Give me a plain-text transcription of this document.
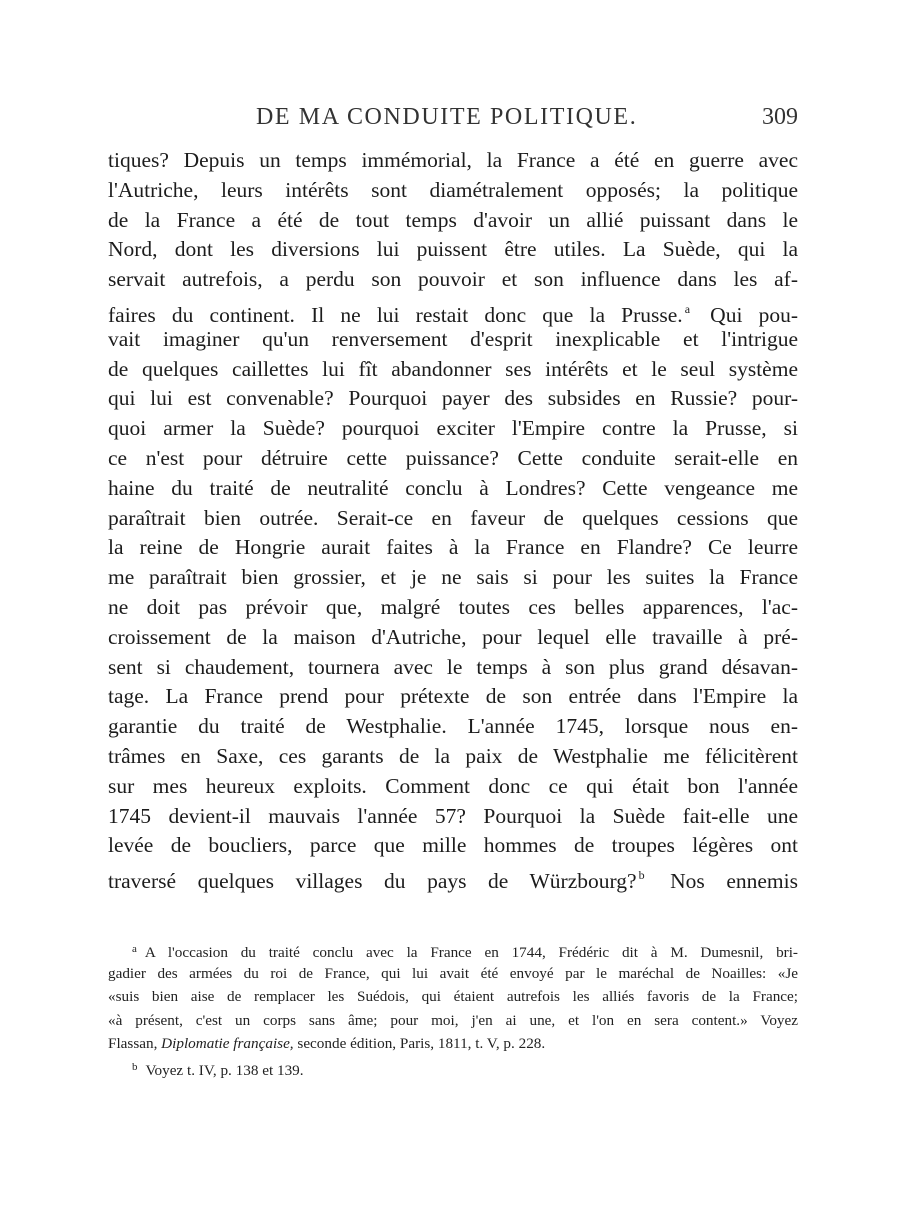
DE MA CONDUITE POLITIQUE.	309
tiques? Depuis un temps immémorial, la France a été en guerre avec
l'Autriche, leurs intérêts sont diamétralement opposés; la politique
de la France a été de tout temps d'avoir un allié puissant dans le
Nord, dont les diversions lui puissent être utiles. La Suède, qui la
servait autrefois, a perdu son pouvoir et son influence dans les af-
faires du continent. Il ne lui restait donc que la Prusse. $^a$ Qui pou-
vait imaginer qu'un renversement d'esprit inexplicable et l'intrigue
de quelques caillettes lui fît abandonner ses intérêts et le seul système
qui lui est convenable? Pourquoi payer des subsides en Russie? pour-
quoi armer la Suède? pourquoi exciter l'Empire contre la Prusse, si
ce n'est pour détruire cette puissance? Cette conduite serait-elle en
haine du traité de neutralité conclu à Londres? Cette vengeance me
paraîtrait bien outrée. Serait-ce en faveur de quelques cessions que
la reine de Hongrie aurait faites à la France en Flandre? Ce leurre
me paraîtrait bien grossier, et je ne sais si pour les suites la France
ne doit pas prévoir que, malgré toutes ces belles apparences, l'ac-
croissement de la maison d'Autriche, pour lequel elle travaille à pré-
sent si chaudement, tournera avec le temps à son plus grand désavan-
tage. La France prend pour prétexte de son entrée dans l'Empire la
garantie du traité de Westphalie. L'année 1745, lorsque nous en-
trâmes en Saxe, ces garants de la paix de Westphalie me félicitèrent
sur mes heureux exploits. Comment donc ce qui était bon l'année
1745 devient-il mauvais l'année 57? Pourquoi la Suède fait-elle une
levée de boucliers, parce que mille hommes de troupes légères ont
traversé quelques villages du pays de Würzbourg? $^b$ Nos ennemis
$^a$ A l'occasion du traité conclu avec la France en 1744, Frédéric dit à M. Dumesnil, bri-
gadier des armées du roi de France, qui lui avait été envoyé par le maréchal de Noailles: «Je
«suis bien aise de remplacer les Suédois, qui étaient autrefois les alliés favoris de la France;
«à présent, c'est un corps sans âme; pour moi, j'en ai une, et l'on en sera content.» Voyez
Flassan, Diplomatie française, seconde édition, Paris, 1811, t. V, p. 228.
$^b$ Voyez t. IV, p. 138 et 139.
